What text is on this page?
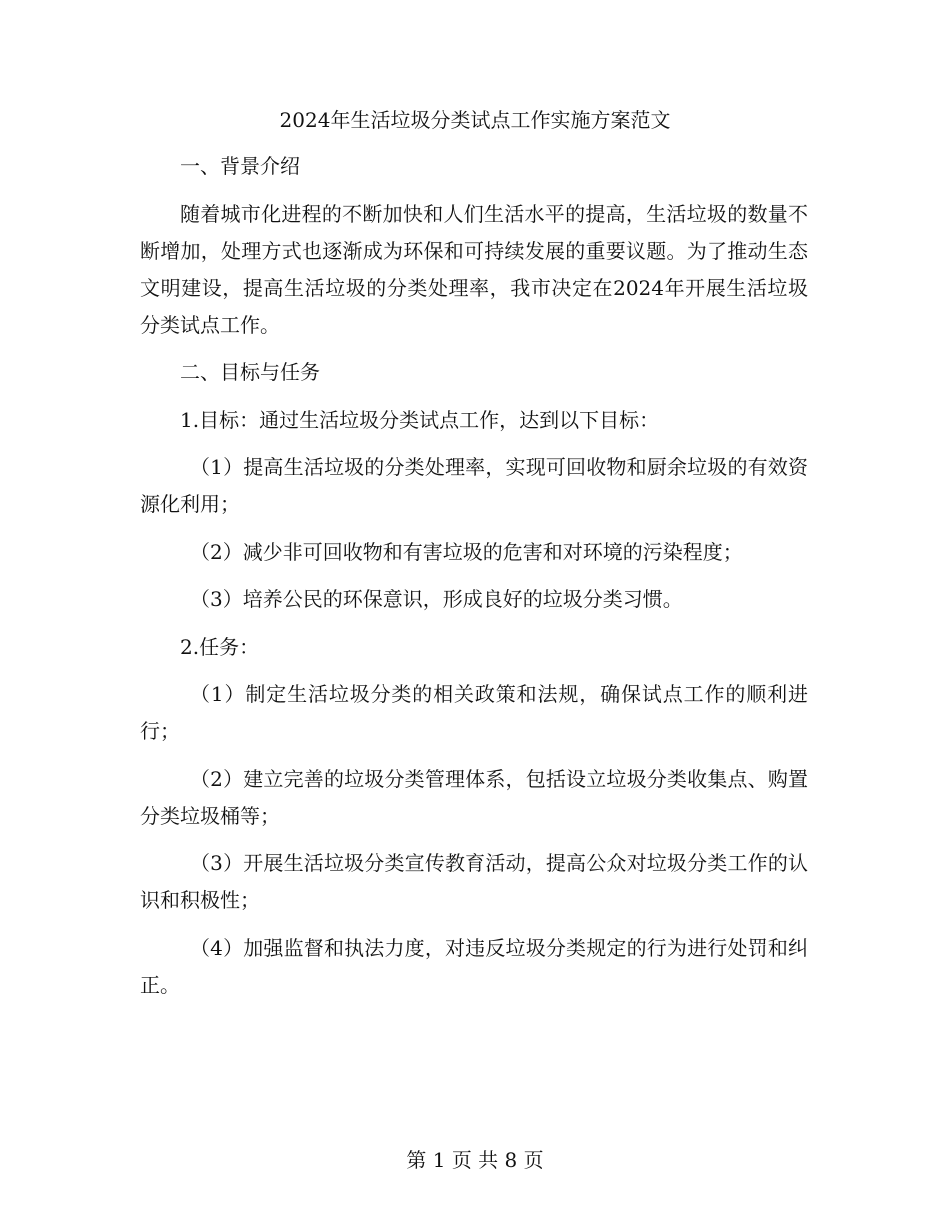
2024年生活垃圾分类试点工作实施方案范文

一、背景介绍

随着城市化进程的不断加快和人们生活水平的提高，生活垃圾的数量不断增加，处理方式也逐渐成为环保和可持续发展的重要议题。为了推动生态文明建设，提高生活垃圾的分类处理率，我市决定在2024年开展生活垃圾分类试点工作。

二、目标与任务

1.目标：通过生活垃圾分类试点工作，达到以下目标：

（1）提高生活垃圾的分类处理率，实现可回收物和厨余垃圾的有效资源化利用；

（2）减少非可回收物和有害垃圾的危害和对环境的污染程度；

（3）培养公民的环保意识，形成良好的垃圾分类习惯。

2.任务：

（1）制定生活垃圾分类的相关政策和法规，确保试点工作的顺利进行；

（2）建立完善的垃圾分类管理体系，包括设立垃圾分类收集点、购置分类垃圾桶等；

（3）开展生活垃圾分类宣传教育活动，提高公众对垃圾分类工作的认识和积极性；

（4）加强监督和执法力度，对违反垃圾分类规定的行为进行处罚和纠正。

第 1 页 共 8 页
